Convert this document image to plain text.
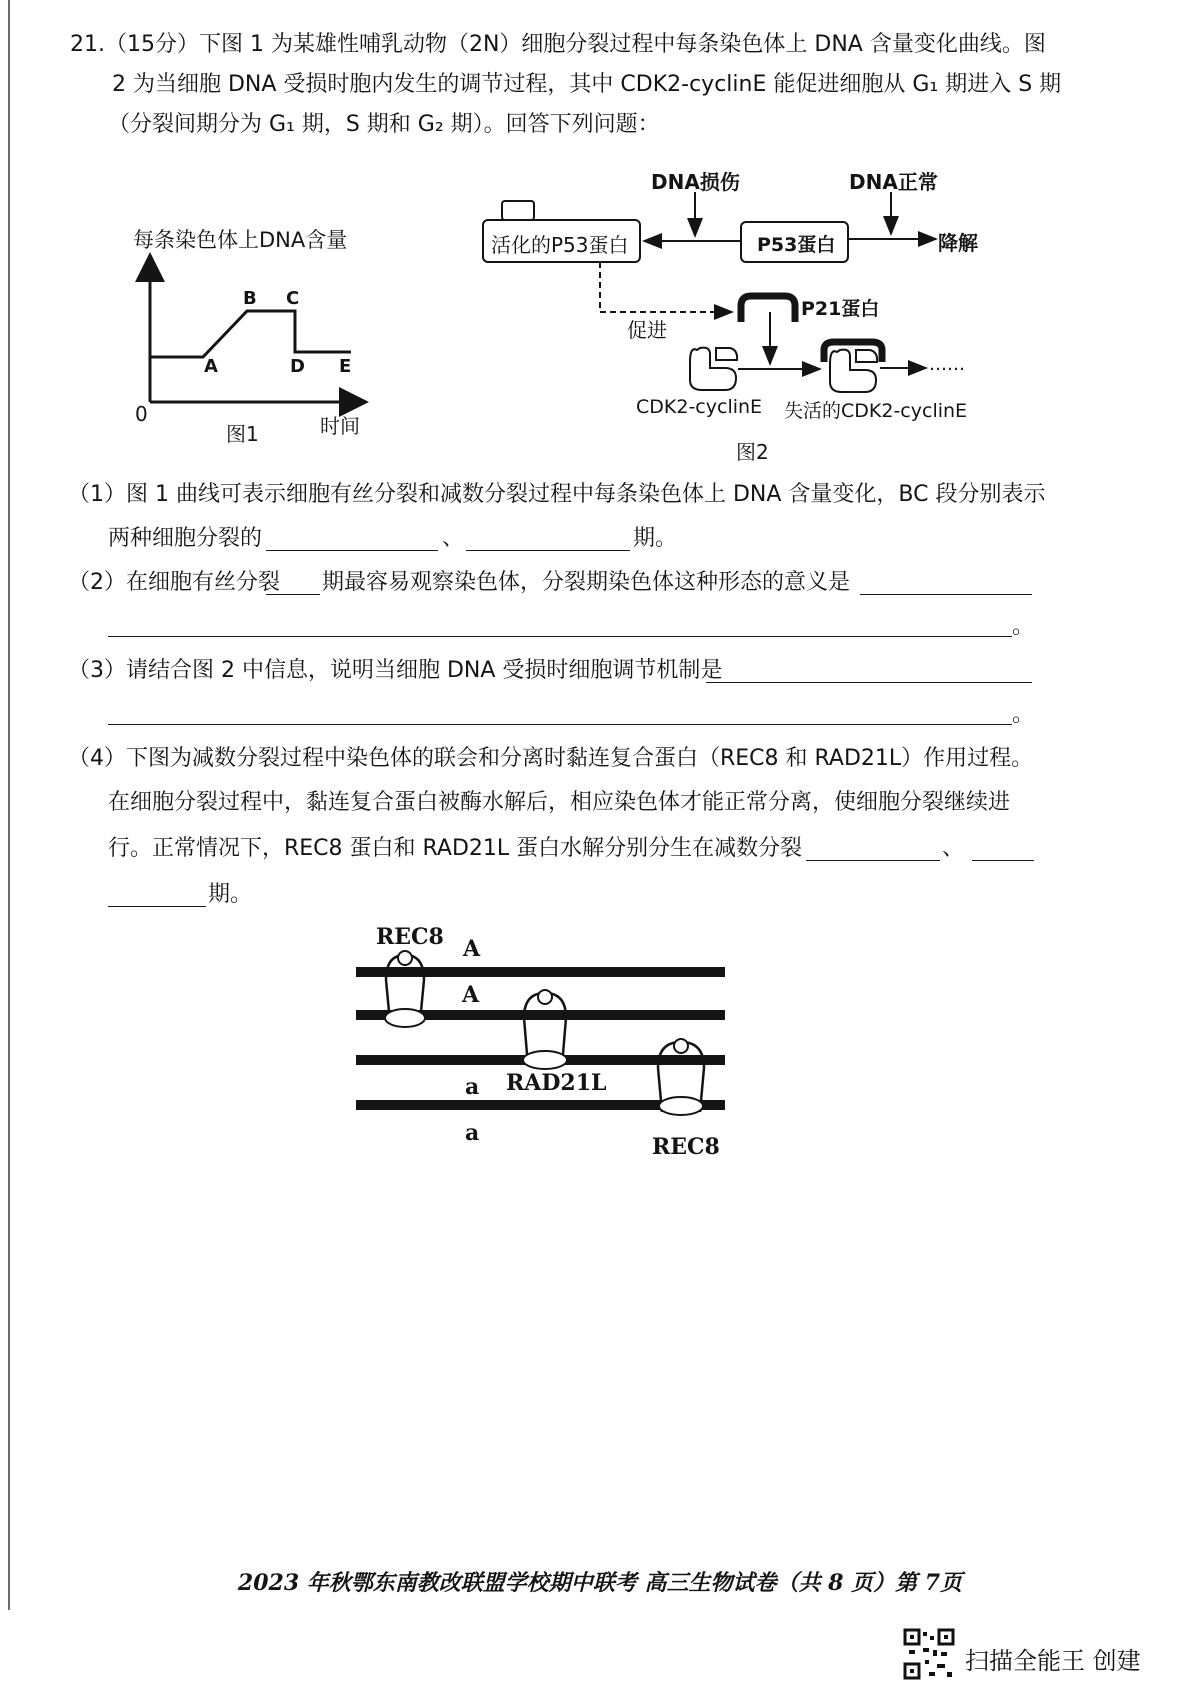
21.（15分）下图 1 为某雄性哺乳动物（2N）细胞分裂过程中每条染色体上 DNA 含量变化曲线。图
2 为当细胞 DNA 受损时胞内发生的调节过程，其中 CDK2-cyclinE 能促进细胞从 G₁ 期进入 S 期
（分裂间期分为 G₁ 期，S 期和 G₂ 期）。回答下列问题：
每条染色体上DNA含量
0	时间
图1
A
B C
D E
DNA损伤	DNA正常
活化的P53蛋白	P53蛋白	降解
促进
P21蛋白
……
CDK2-cyclinE 失活的CDK2-cyclinE
图2
（1）图 1 曲线可表示细胞有丝分裂和减数分裂过程中每条染色体上 DNA 含量变化，BC 段分别表示
两种细胞分裂的	、	期。
（2）在细胞有丝分裂 期最容易观察染色体，分裂期染色体这种形态的意义是
。
（3）请结合图 2 中信息，说明当细胞 DNA 受损时细胞调节机制是
。
（4）下图为减数分裂过程中染色体的联会和分离时黏连复合蛋白（REC8 和 RAD21L）作用过程。
在细胞分裂过程中，黏连复合蛋白被酶水解后，相应染色体才能正常分离，使细胞分裂继续进
行。正常情况下，REC8 蛋白和 RAD21L 蛋白水解分别分生在减数分裂	、
期。
REC8 A
A
a RAD21L
a
REC8
2023 年秋鄂东南教改联盟学校期中联考 高三生物试卷（共 8 页）第 7页
扫描全能王 创建
